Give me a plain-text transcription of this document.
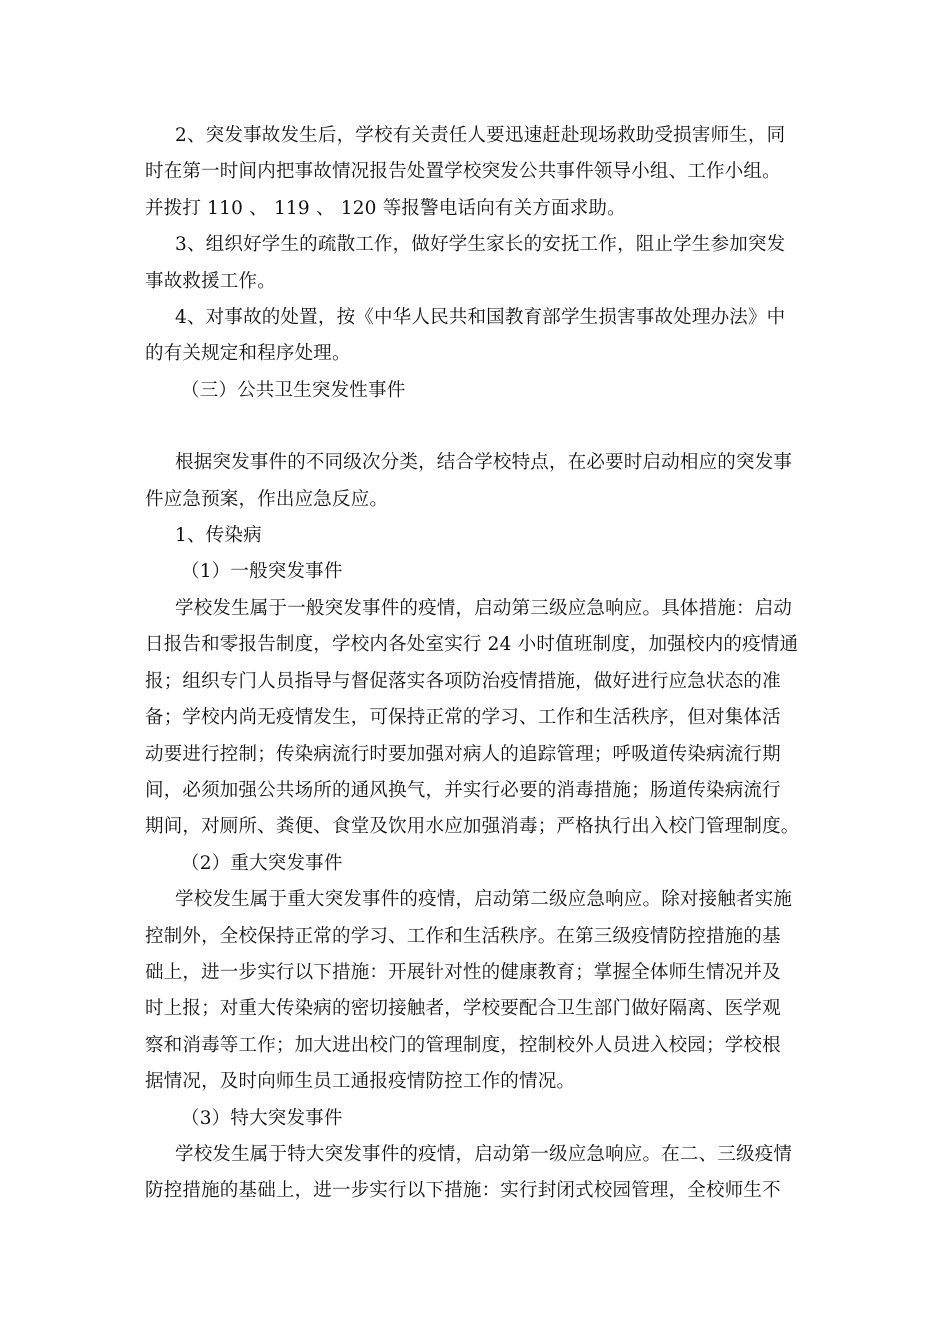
2、突发事故发生后，学校有关责任人要迅速赶赴现场救助受损害师生，同
时在第一时间内把事故情况报告处置学校突发公共事件领导小组、工作小组。
并拨打 110 、 119 、 120 等报警电话向有关方面求助。
3、组织好学生的疏散工作，做好学生家长的安抚工作，阻止学生参加突发
事故救援工作。
4、对事故的处置，按《中华人民共和国教育部学生损害事故处理办法》中
的有关规定和程序处理。
（三）公共卫生突发性事件
根据突发事件的不同级次分类，结合学校特点，在必要时启动相应的突发事
件应急预案，作出应急反应。
1、传染病
（1）一般突发事件
学校发生属于一般突发事件的疫情，启动第三级应急响应。具体措施：启动
日报告和零报告制度，学校内各处室实行 24 小时值班制度，加强校内的疫情通
报；组织专门人员指导与督促落实各项防治疫情措施，做好进行应急状态的准
备；学校内尚无疫情发生，可保持正常的学习、工作和生活秩序，但对集体活
动要进行控制；传染病流行时要加强对病人的追踪管理；呼吸道传染病流行期
间，必须加强公共场所的通风换气，并实行必要的消毒措施；肠道传染病流行
期间，对厕所、粪便、食堂及饮用水应加强消毒；严格执行出入校门管理制度。
（2）重大突发事件
学校发生属于重大突发事件的疫情，启动第二级应急响应。除对接触者实施
控制外，全校保持正常的学习、工作和生活秩序。在第三级疫情防控措施的基
础上，进一步实行以下措施：开展针对性的健康教育；掌握全体师生情况并及
时上报；对重大传染病的密切接触者，学校要配合卫生部门做好隔离、医学观
察和消毒等工作；加大进出校门的管理制度，控制校外人员进入校园；学校根
据情况，及时向师生员工通报疫情防控工作的情况。
（3）特大突发事件
学校发生属于特大突发事件的疫情，启动第一级应急响应。在二、三级疫情
防控措施的基础上，进一步实行以下措施：实行封闭式校园管理，全校师生不
